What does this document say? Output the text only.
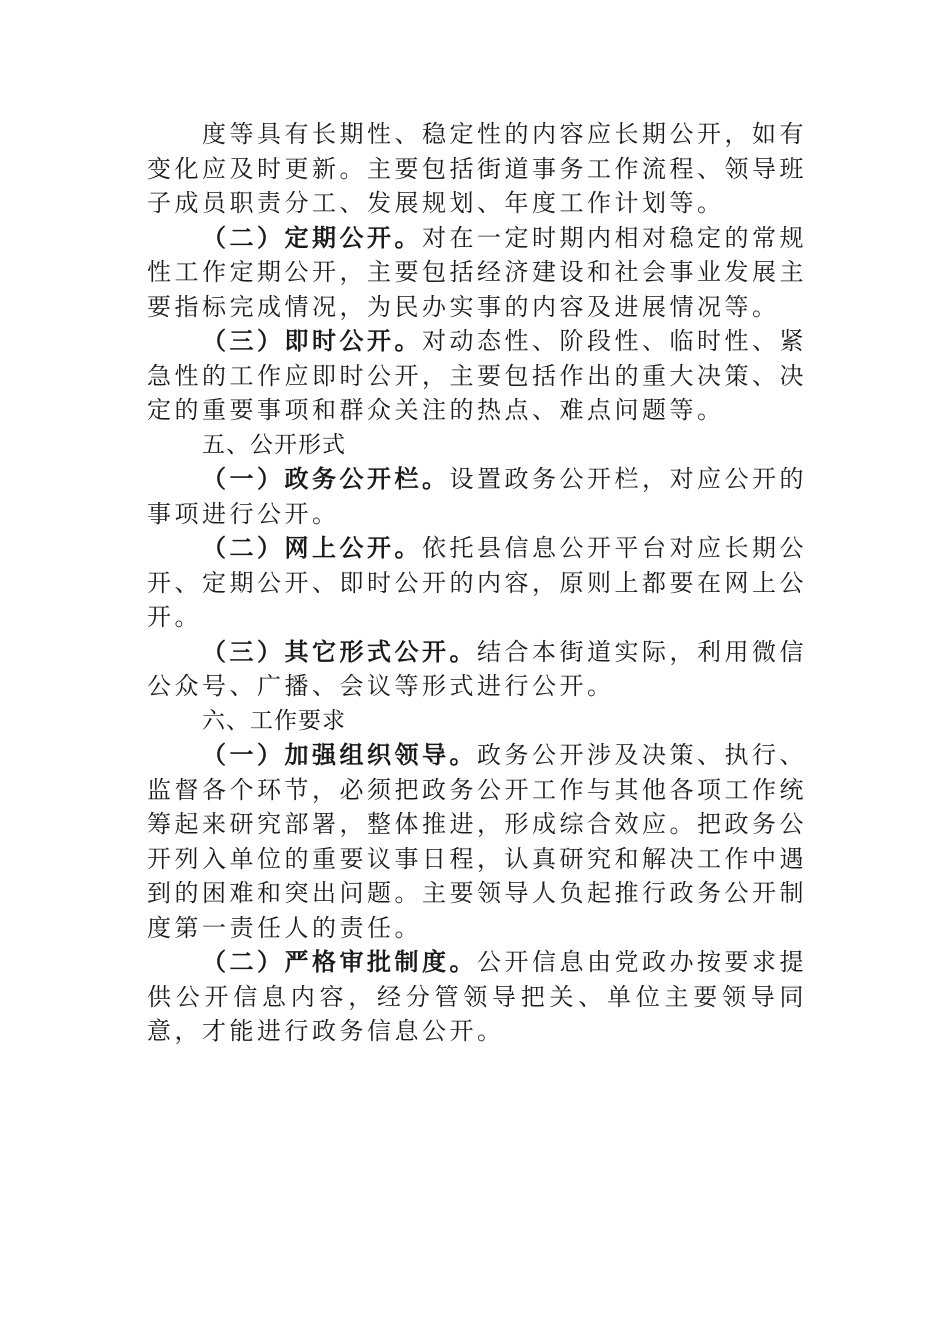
度等具有长期性、稳定性的内容应长期公开，如有变化应及时更新。主要包括街道事务工作流程、领导班子成员职责分工、发展规划、年度工作计划等。

（二）定期公开。对在一定时期内相对稳定的常规性工作定期公开，主要包括经济建设和社会事业发展主要指标完成情况，为民办实事的内容及进展情况等。

（三）即时公开。对动态性、阶段性、临时性、紧急性的工作应即时公开，主要包括作出的重大决策、决定的重要事项和群众关注的热点、难点问题等。

五、公开形式

（一）政务公开栏。设置政务公开栏，对应公开的事项进行公开。

（二）网上公开。依托县信息公开平台对应长期公开、定期公开、即时公开的内容，原则上都要在网上公开。

（三）其它形式公开。结合本街道实际，利用微信公众号、广播、会议等形式进行公开。

六、工作要求

（一）加强组织领导。政务公开涉及决策、执行、监督各个环节，必须把政务公开工作与其他各项工作统筹起来研究部署，整体推进，形成综合效应。把政务公开列入单位的重要议事日程，认真研究和解决工作中遇到的困难和突出问题。主要领导人负起推行政务公开制度第一责任人的责任。

（二）严格审批制度。公开信息由党政办按要求提供公开信息内容，经分管领导把关、单位主要领导同意，才能进行政务信息公开。
